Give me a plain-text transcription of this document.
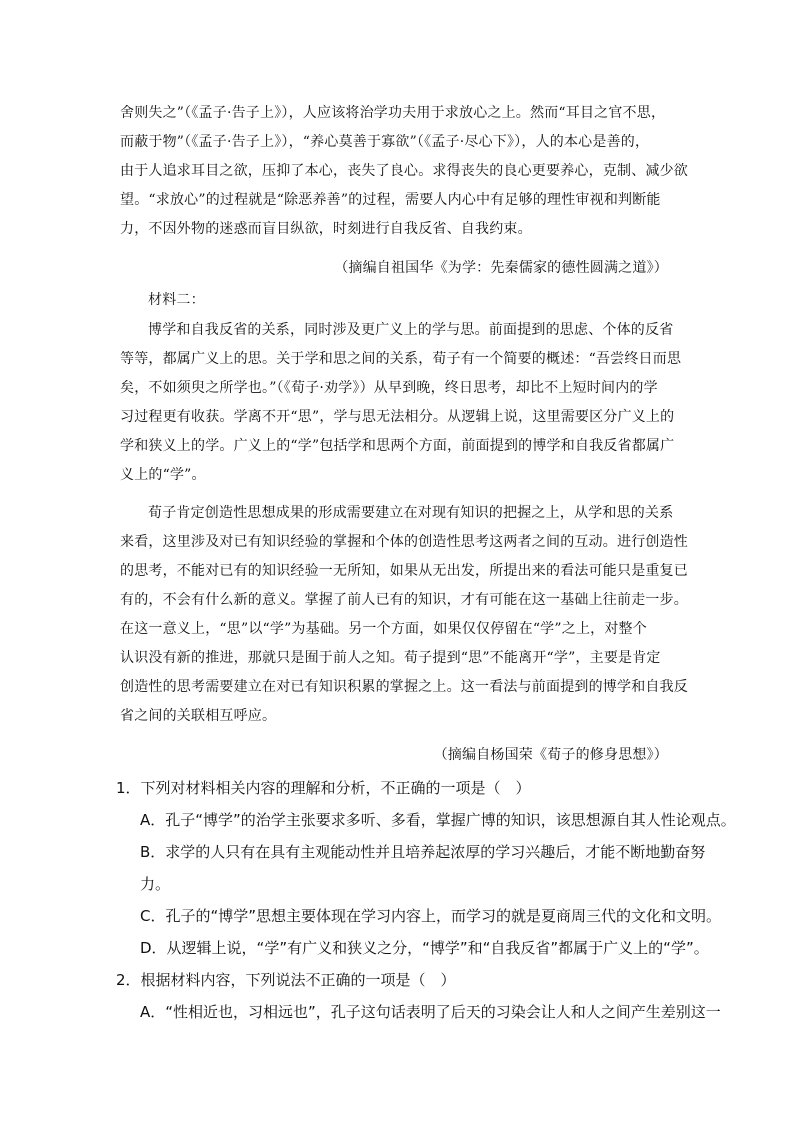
舍则失之”（《孟子·告子上》），人应该将治学功夫用于求放心之上。然而“耳目之官不思，
而蔽于物”（《孟子·告子上》），“养心莫善于寡欲”（《孟子·尽心下》），人的本心是善的，
由于人追求耳目之欲，压抑了本心，丧失了良心。求得丧失的良心更要养心，克制、减少欲
望。“求放心”的过程就是“除恶养善”的过程，需要人内心中有足够的理性审视和判断能
力，不因外物的迷惑而盲目纵欲，时刻进行自我反省、自我约束。
（摘编自祖国华《为学：先秦儒家的德性圆满之道》）
材料二：
博学和自我反省的关系，同时涉及更广义上的学与思。前面提到的思虑、个体的反省
等等，都属广义上的思。关于学和思之间的关系，荀子有一个简要的概述：“吾尝终日而思
矣，不如须臾之所学也。”（《荀子·劝学》）从早到晚，终日思考，却比不上短时间内的学
习过程更有收获。学离不开“思”，学与思无法相分。从逻辑上说，这里需要区分广义上的
学和狭义上的学。广义上的“学”包括学和思两个方面，前面提到的博学和自我反省都属广
义上的“学”。
荀子肯定创造性思想成果的形成需要建立在对现有知识的把握之上，从学和思的关系
来看，这里涉及对已有知识经验的掌握和个体的创造性思考这两者之间的互动。进行创造性
的思考，不能对已有的知识经验一无所知，如果从无出发，所提出来的看法可能只是重复已
有的，不会有什么新的意义。掌握了前人已有的知识，才有可能在这一基础上往前走一步。
在这一意义上，“思”以“学”为基础。另一个方面，如果仅仅停留在“学”之上，对整个
认识没有新的推进，那就只是囿于前人之知。荀子提到“思”不能离开“学”，主要是肯定
创造性的思考需要建立在对已有知识积累的掌握之上。这一看法与前面提到的博学和自我反
省之间的关联相互呼应。
（摘编自杨国荣《荀子的修身思想》）
1．下列对材料相关内容的理解和分析，不正确的一项是（　）
A．孔子“博学”的治学主张要求多听、多看，掌握广博的知识，该思想源自其人性论观点。
B．求学的人只有在具有主观能动性并且培养起浓厚的学习兴趣后，才能不断地勤奋努
力。
C．孔子的“博学”思想主要体现在学习内容上，而学习的就是夏商周三代的文化和文明。
D．从逻辑上说，“学”有广义和狭义之分，“博学”和“自我反省”都属于广义上的“学”。
2．根据材料内容，下列说法不正确的一项是（　）
A．“性相近也，习相远也”，孔子这句话表明了后天的习染会让人和人之间产生差别这一
